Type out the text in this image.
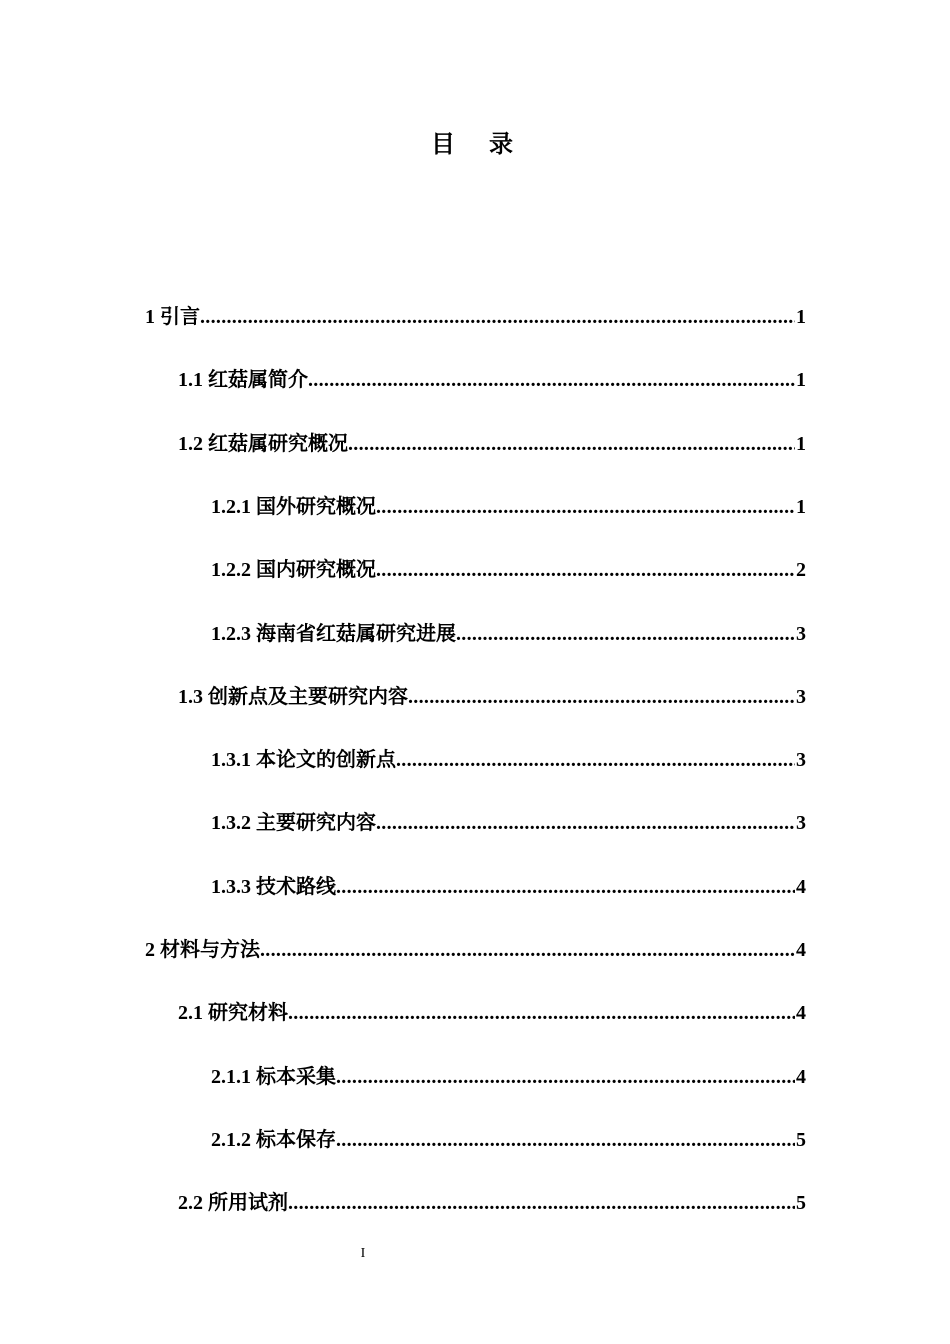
目 录
1 引言 .....	1
1.1 红菇属简介 .....	1
1.2 红菇属研究概况 .....	1
1.2.1 国外研究概况 .....	1
1.2.2 国内研究概况 .....	2
1.2.3 海南省红菇属研究进展 .....	3
1.3 创新点及主要研究内容 .....	3
1.3.1 本论文的创新点 .....	3
1.3.2 主要研究内容 .....	3
1.3.3 技术路线 .....	4
2 材料与方法 .....	4
2.1 研究材料 .....	4
2.1.1 标本采集 .....	4
2.1.2 标本保存 .....	5
2.2 所用试剂 .....	5
I
